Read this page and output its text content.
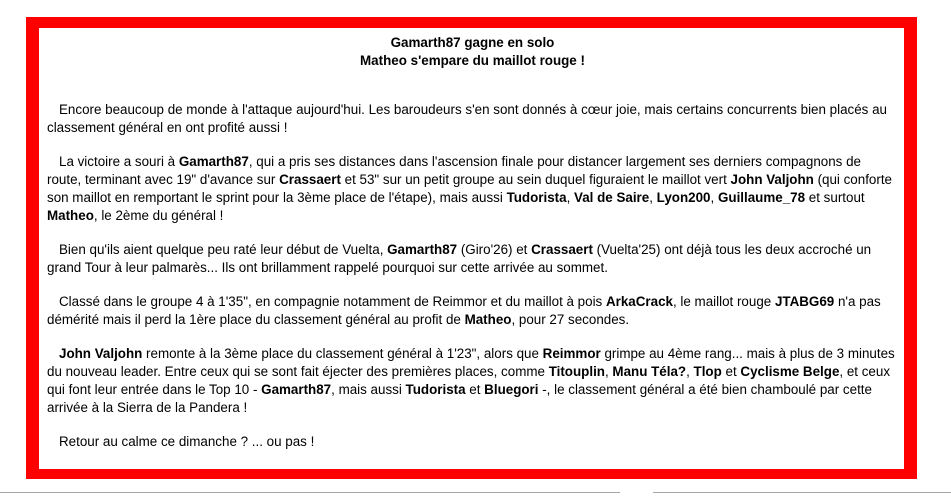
Gamarth87 gagne en solo
Matheo s'empare du maillot rouge !

Encore beaucoup de monde à l'attaque aujourd'hui. Les baroudeurs s'en sont donnés à cœur joie, mais certains concurrents bien placés au classement général en ont profité aussi !

La victoire a souri à Gamarth87, qui a pris ses distances dans l'ascension finale pour distancer largement ses derniers compagnons de route, terminant avec 19" d'avance sur Crassaert et 53" sur un petit groupe au sein duquel figuraient le maillot vert John Valjohn (qui conforte son maillot en remportant le sprint pour la 3ème place de l'étape), mais aussi Tudorista, Val de Saire, Lyon200, Guillaume_78 et surtout Matheo, le 2ème du général !

Bien qu'ils aient quelque peu raté leur début de Vuelta, Gamarth87 (Giro'26) et Crassaert (Vuelta'25) ont déjà tous les deux accroché un grand Tour à leur palmarès... Ils ont brillamment rappelé pourquoi sur cette arrivée au sommet.

Classé dans le groupe 4 à 1'35", en compagnie notamment de Reimmor et du maillot à pois ArkaCrack, le maillot rouge JTABG69 n'a pas démérité mais il perd la 1ère place du classement général au profit de Matheo, pour 27 secondes.

John Valjohn remonte à la 3ème place du classement général à 1'23", alors que Reimmor grimpe au 4ème rang... mais à plus de 3 minutes du nouveau leader. Entre ceux qui se sont fait éjecter des premières places, comme Titouplin, Manu Téla?, Tlop et Cyclisme Belge, et ceux qui font leur entrée dans le Top 10 - Gamarth87, mais aussi Tudorista et Bluegori -, le classement général a été bien chamboulé par cette arrivée à la Sierra de la Pandera !

Retour au calme ce dimanche ? ... ou pas !
